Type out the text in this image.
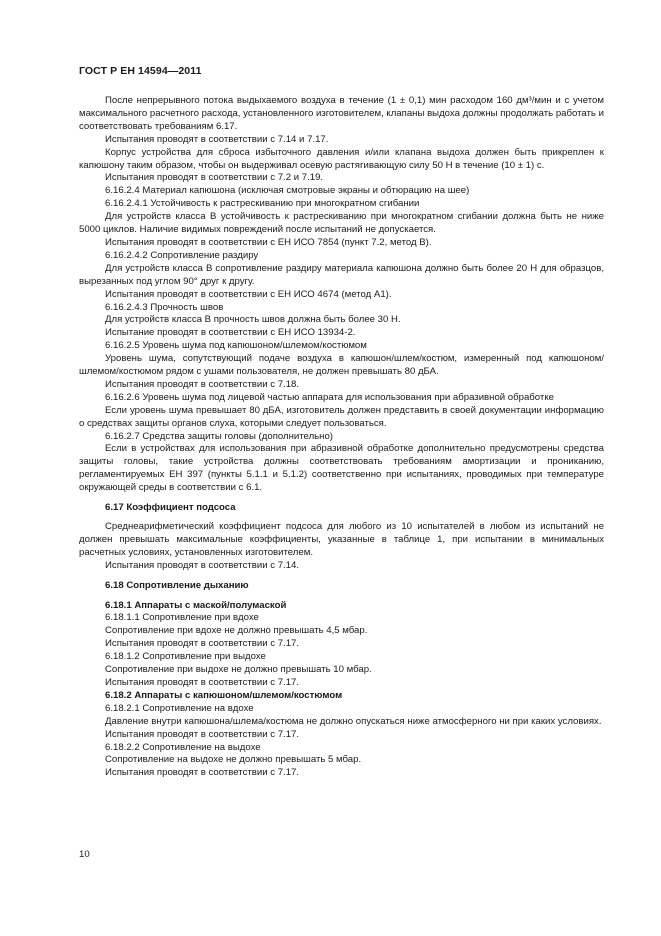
ГОСТ Р ЕН 14594—2011

После непрерывного потока выдыхаемого воздуха в течение (1 ± 0,1) мин расходом 160 дм³/мин и с учетом максимального расчетного расхода, установленного изготовителем, клапаны выдоха должны продолжать работать и соответствовать требованиям 6.17.

Испытания проводят в соответствии с 7.14 и 7.17.

Корпус устройства для сброса избыточного давления и/или клапана выдоха должен быть прикреплен к капюшону таким образом, чтобы он выдерживал осевую растягивающую силу 50 Н в течение (10 ± 1) с.

Испытания проводят в соответствии с 7.2 и 7.19.

6.16.2.4 Материал капюшона (исключая смотровые экраны и обтюрацию на шее)

6.16.2.4.1 Устойчивость к растрескиванию при многократном сгибании

Для устройств класса В устойчивость к растрескиванию при многократном сгибании должна быть не ниже 5000 циклов. Наличие видимых повреждений после испытаний не допускается.

Испытания проводят в соответствии с ЕН ИСО 7854 (пункт 7.2, метод В).

6.16.2.4.2 Сопротивление раздиру

Для устройств класса В сопротивление раздиру материала капюшона должно быть более 20 Н для образцов, вырезанных под углом 90° друг к другу.

Испытания проводят в соответствии с ЕН ИСО 4674 (метод А1).

6.16.2.4.3 Прочность швов

Для устройств класса В прочность швов должна быть более 30 Н.

Испытание проводят в соответствии с ЕН ИСО 13934-2.

6.16.2.5 Уровень шума под капюшоном/шлемом/костюмом

Уровень шума, сопутствующий подаче воздуха в капюшон/шлем/костюм, измеренный под капюшоном/шлемом/костюмом рядом с ушами пользователя, не должен превышать 80 дБА.

Испытания проводят в соответствии с 7.18.

6.16.2.6 Уровень шума под лицевой частью аппарата для использования при абразивной обработке

Если уровень шума превышает 80 дБА, изготовитель должен представить в своей документации информацию о средствах защиты органов слуха, которыми следует пользоваться.

6.16.2.7 Средства защиты головы (дополнительно)

Если в устройствах для использования при абразивной обработке дополнительно предусмотрены средства защиты головы, такие устройства должны соответствовать требованиям амортизации и прониканию, регламентируемых ЕН 397 (пункты 5.1.1 и 5.1.2) соответственно при испытаниях, проводимых при температуре окружающей среды в соответствии с 6.1.

6.17 Коэффициент подсоса

Среднеарифметический коэффициент подсоса для любого из 10 испытателей в любом из испытаний не должен превышать максимальные коэффициенты, указанные в таблице 1, при испытании в минимальных расчетных условиях, установленных изготовителем.

Испытания проводят в соответствии с 7.14.

6.18 Сопротивление дыханию

6.18.1 Аппараты с маской/полумаской

6.18.1.1 Сопротивление при вдохе

Сопротивление при вдохе не должно превышать 4,5 мбар.

Испытания проводят в соответствии с 7.17.

6.18.1.2 Сопротивление при выдохе

Сопротивление при выдохе не должно превышать 10 мбар.

Испытания проводят в соответствии с 7.17.

6.18.2 Аппараты с капюшоном/шлемом/костюмом

6.18.2.1 Сопротивление на вдохе

Давление внутри капюшона/шлема/костюма не должно опускаться ниже атмосферного ни при каких условиях.

Испытания проводят в соответствии с 7.17.

6.18.2.2 Сопротивление на выдохе

Сопротивление на выдохе не должно превышать 5 мбар.

Испытания проводят в соответствии с 7.17.

10
